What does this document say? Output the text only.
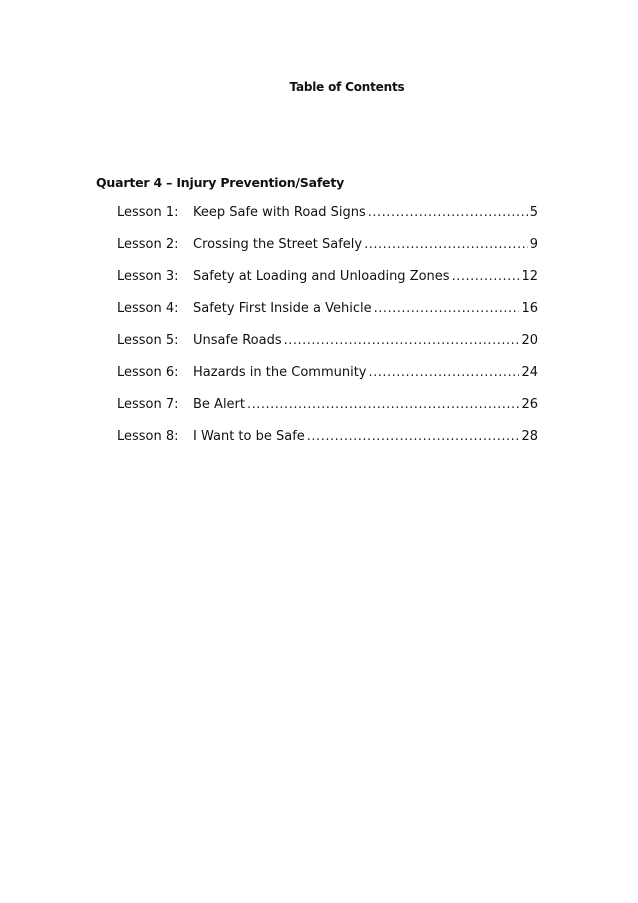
Table of Contents
Quarter 4 – Injury Prevention/Safety
Lesson 1:	Keep Safe with Road Signs .....	5
Lesson 2:	Crossing the Street Safely .....	9
Lesson 3:	Safety at Loading and Unloading Zones .....	12
Lesson 4:	Safety First Inside a Vehicle .....	16
Lesson 5:	Unsafe Roads .....	20
Lesson 6:	Hazards in the Community .....	24
Lesson 7:	Be Alert .....	26
Lesson 8:	I Want to be Safe .....	28
